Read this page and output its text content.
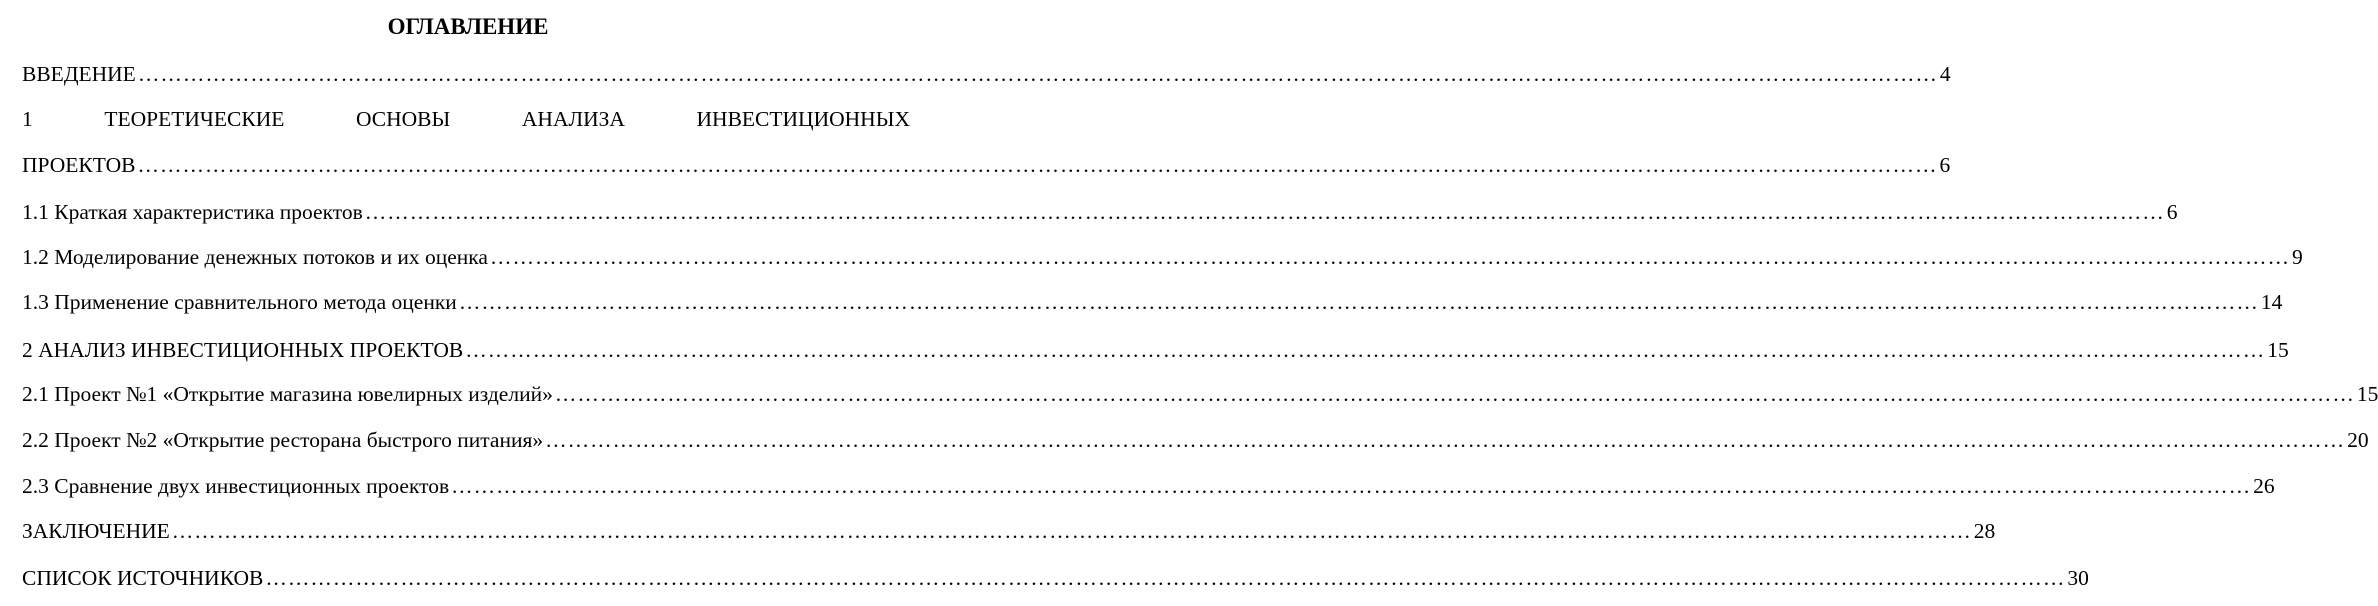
ОГЛАВЛЕНИЕ
ВВЕДЕНИЕ …………………………………………………………………………………………………………………………………………………………………………………………………………………… 4
1	ТЕОРЕТИЧЕСКИЕ	ОСНОВЫ	АНАЛИЗА	ИНВЕСТИЦИОННЫХ
ПРОЕКТОВ …………………………………………………………………………………………………………………………………………………………………………………………………………………… 6
1.1 Краткая характеристика проектов …………………………………………………………………………………………………………………………………………………………………………………………………………………… 6
1.2 Моделирование денежных потоков и их оценка …………………………………………………………………………………………………………………………………………………………………………………………………………………… 9
1.3 Применение сравнительного метода оценки …………………………………………………………………………………………………………………………………………………………………………………………………………………… 14
2 АНАЛИЗ ИНВЕСТИЦИОННЫХ ПРОЕКТОВ …………………………………………………………………………………………………………………………………………………………………………………………………………………… 15
2.1 Проект №1 «Открытие магазина ювелирных изделий» …………………………………………………………………………………………………………………………………………………………………………………………………………………… 15
2.2 Проект №2 «Открытие ресторана быстрого питания» …………………………………………………………………………………………………………………………………………………………………………………………………………………… 20
2.3 Сравнение двух инвестиционных проектов …………………………………………………………………………………………………………………………………………………………………………………………………………………… 26
ЗАКЛЮЧЕНИЕ …………………………………………………………………………………………………………………………………………………………………………………………………………………… 28
СПИСОК ИСТОЧНИКОВ …………………………………………………………………………………………………………………………………………………………………………………………………………………… 30
